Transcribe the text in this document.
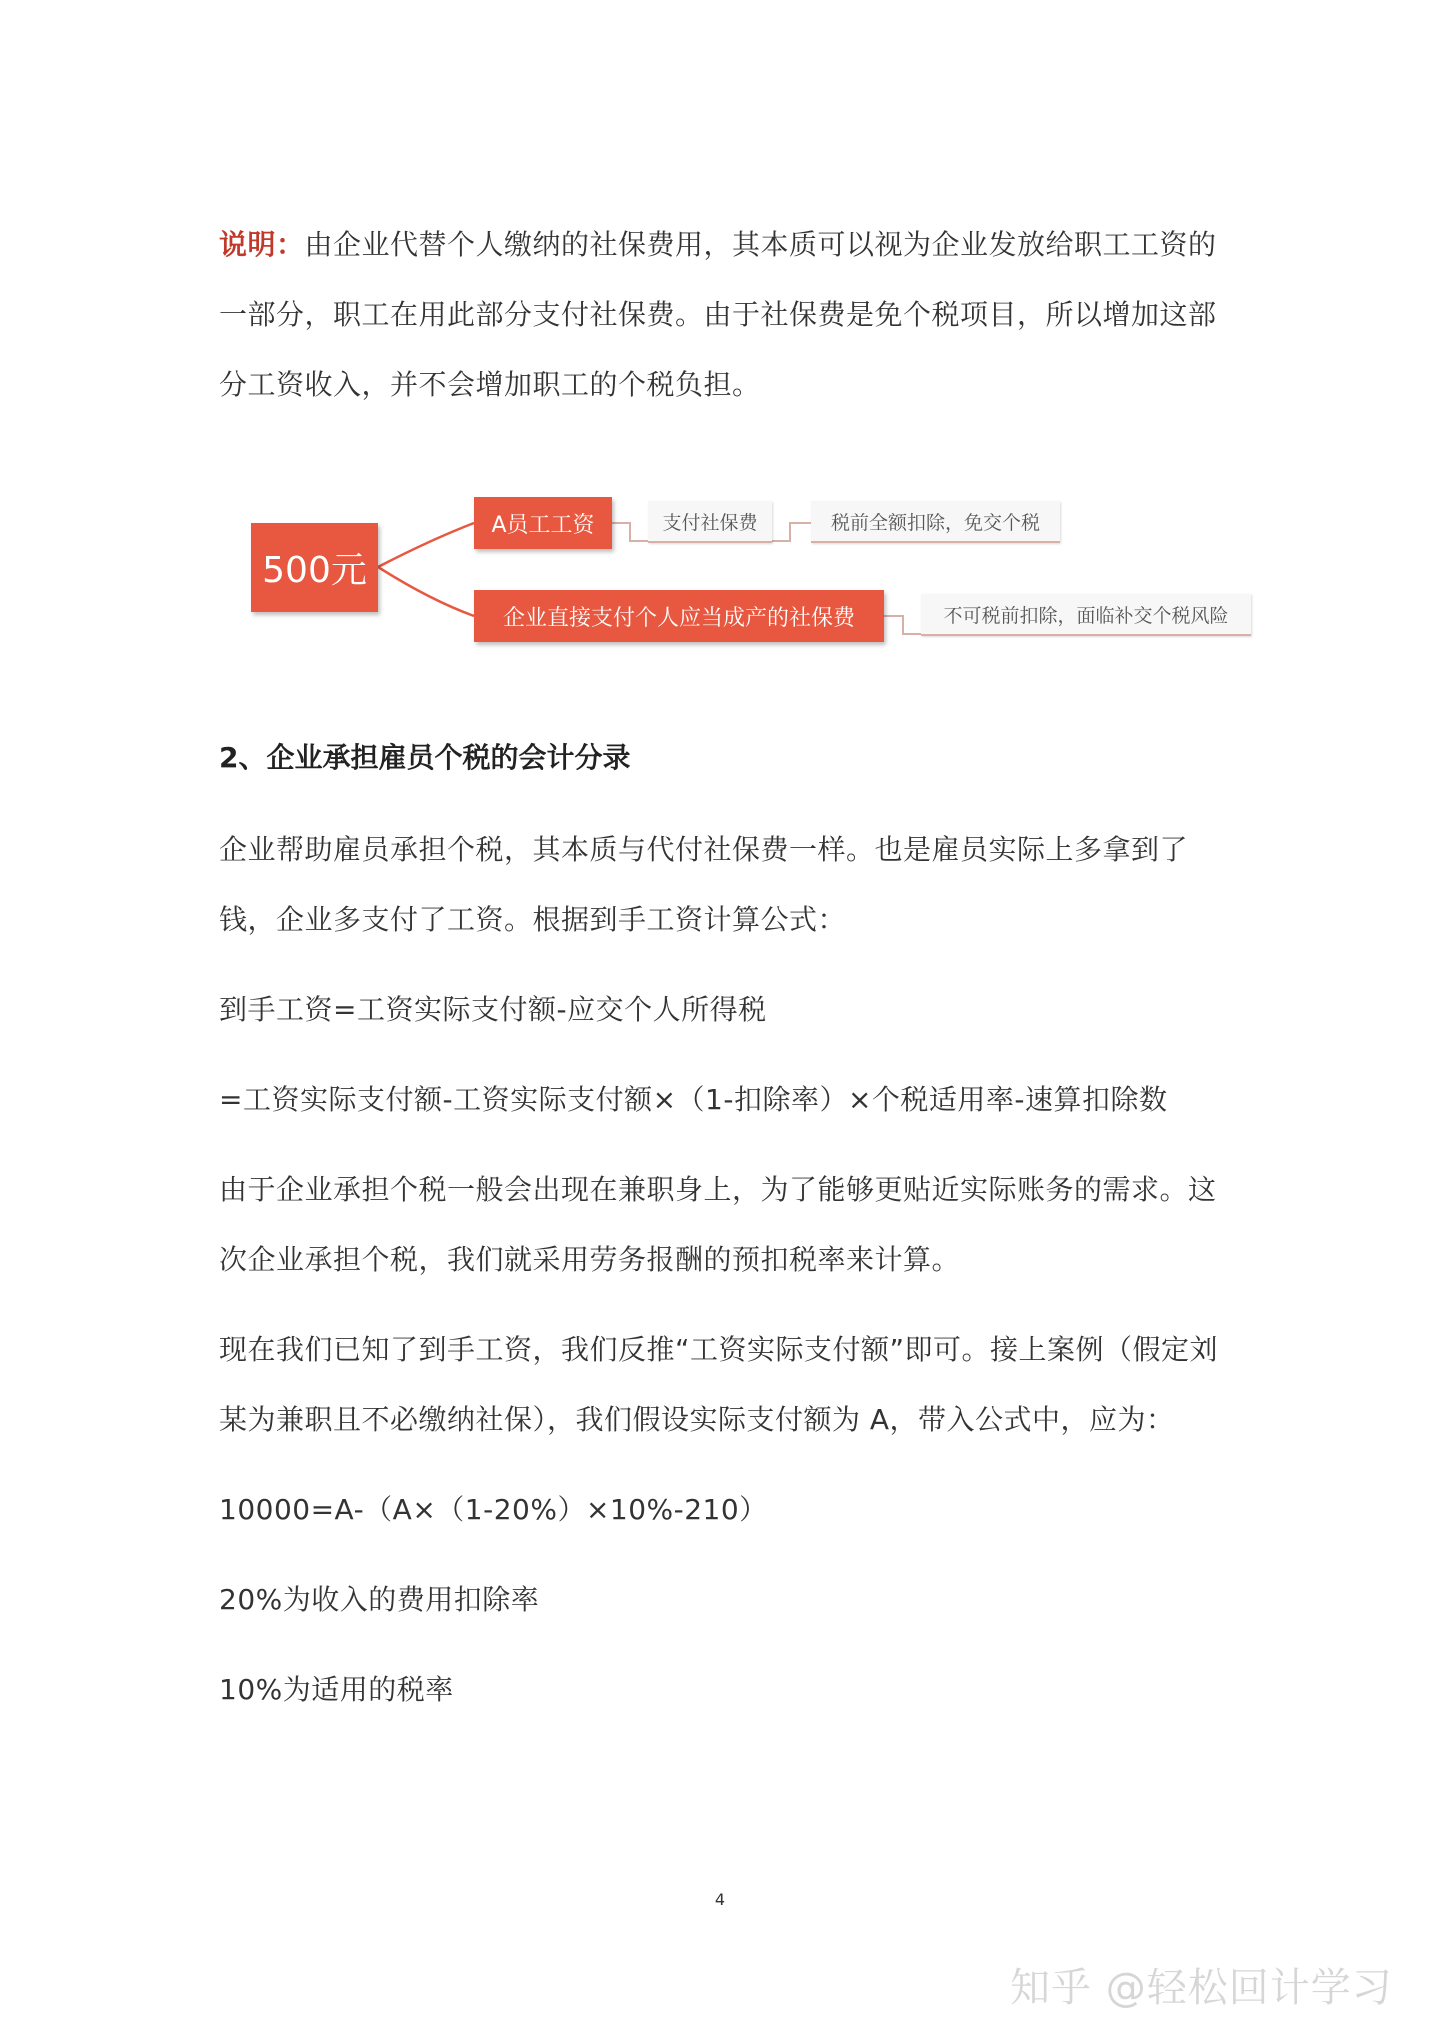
说明：由企业代替个人缴纳的社保费用，其本质可以视为企业发放给职工工资的一部分，职工在用此部分支付社保费。由于社保费是免个税项目，所以增加这部分工资收入，并不会增加职工的个税负担。

500元
A员工工资
企业直接支付个人应当成产的社保费
支付社保费	税前全额扣除，免交个税
不可税前扣除，面临补交个税风险
2、企业承担雇员个税的会计分录

企业帮助雇员承担个税，其本质与代付社保费一样。也是雇员实际上多拿到了钱，企业多支付了工资。根据到手工资计算公式：

到手工资=工资实际支付额-应交个人所得税

=工资实际支付额-工资实际支付额×（1-扣除率）×个税适用率-速算扣除数

由于企业承担个税一般会出现在兼职身上，为了能够更贴近实际账务的需求。这次企业承担个税，我们就采用劳务报酬的预扣税率来计算。

现在我们已知了到手工资，我们反推“工资实际支付额”即可。接上案例（假定刘某为兼职且不必缴纳社保），我们假设实际支付额为 A，带入公式中，应为：

10000=A-（A×（1-20%）×10%-210）

20%为收入的费用扣除率

10%为适用的税率

4
知乎 @轻松回计学习
